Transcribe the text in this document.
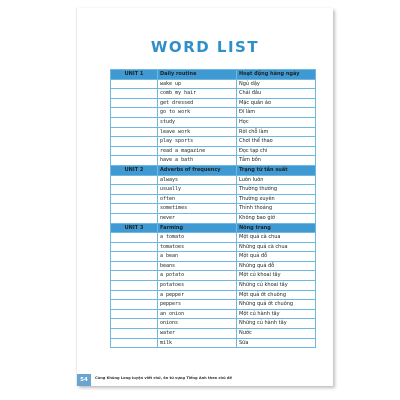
WORD LIST
UNIT 1	Daily routine	Hoạt động hàng ngày
	wake up	Ngủ dậy
	comb my hair	Chải đầu
	get dressed	Mặc quần áo
	go to work	Đi làm
	study	Học
	leave work	Rời chỗ làm
	play sports	Chơi thể thao
	read a magazine	Đọc tạp chí
	have a bath	Tắm bồn
UNIT 2	Adverbs of frequency	Trạng từ tần suất
	always	Luôn luôn
	usually	Thường thường
	often	Thường xuyên
	sometimes	Thỉnh thoảng
	never	Không bao giờ
UNIT 3	Farming	Nông trang
	a tomato	Một quả cà chua
	tomatoes	Những quả cà chua
	a bean	Một quả đỗ
	beans	Những quả đỗ
	a potato	Một củ khoai tây
	potatoes	Những củ khoai tây
	a pepper	Một quả ớt chuông
	peppers	Những quả ớt chuông
	an onion	Một củ hành tây
	onions	Những củ hành tây
	water	Nước
	milk	Sữa
54	Cùng Khủng Long luyện viết chữ, ôn từ vựng Tiếng Anh theo chủ đề
